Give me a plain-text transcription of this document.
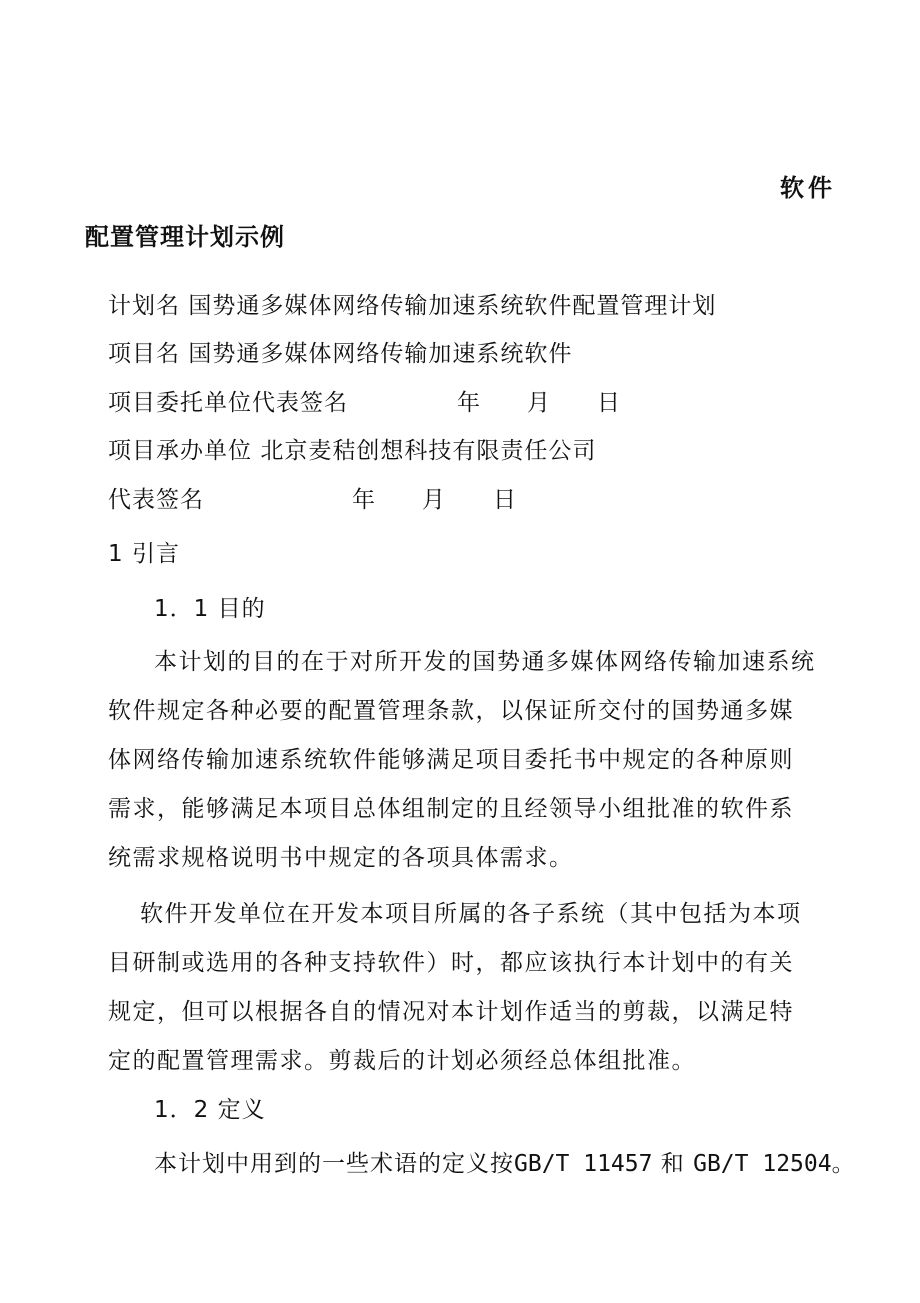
软件
配置管理计划示例
计划名 国势通多媒体网络传输加速系统软件配置管理计划
项目名 国势通多媒体网络传输加速系统软件
项目委托单位代表签名	年 月 日
项目承办单位 北京麦秸创想科技有限责任公司
代表签名	年 月 日
1 引言
1．1 目的
本计划的目的在于对所开发的国势通多媒体网络传输加速系统软件规定各种必要的配置管理条款，以保证所交付的国势通多媒体网络传输加速系统软件能够满足项目委托书中规定的各种原则需求，能够满足本项目总体组制定的且经领导小组批准的软件系统需求规格说明书中规定的各项具体需求。
软件开发单位在开发本项目所属的各子系统（其中包括为本项目研制或选用的各种支持软件）时，都应该执行本计划中的有关规定，但可以根据各自的情况对本计划作适当的剪裁，以满足特定的配置管理需求。剪裁后的计划必须经总体组批准。
1．2 定义
本计划中用到的一些术语的定义按GB/T 11457 和 GB/T 12504。
